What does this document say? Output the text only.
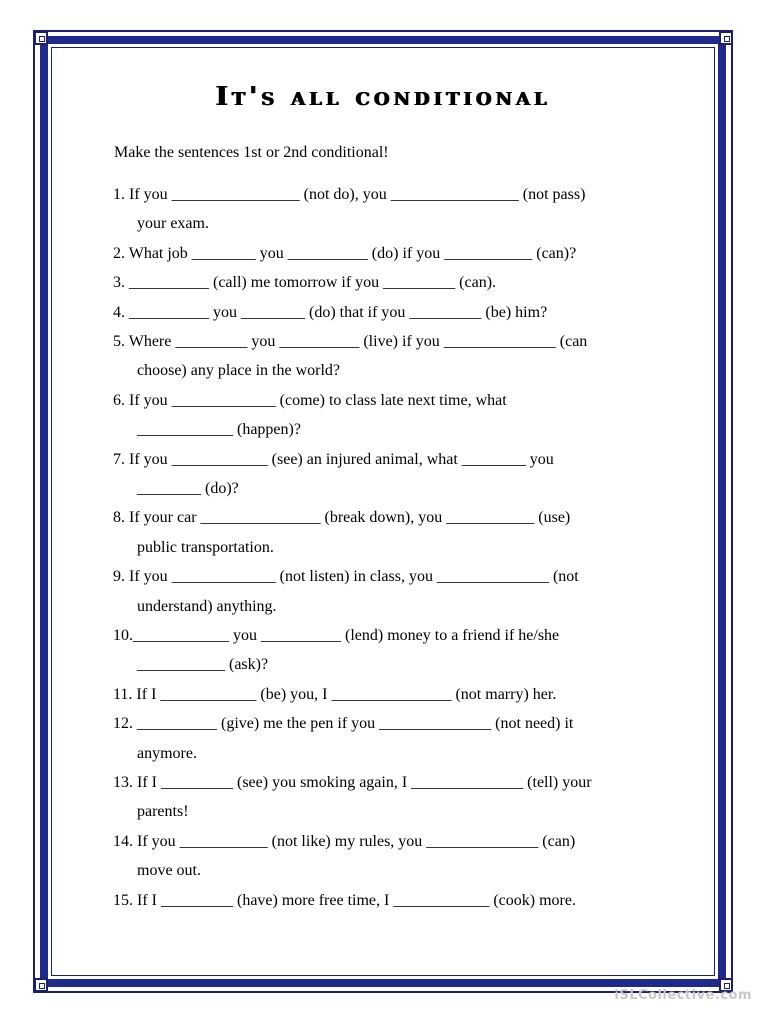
It's all conditional
Make the sentences 1st or 2nd conditional!
1. If you ________________ (not do), you ________________ (not pass)
your exam.
2. What job ________ you __________ (do) if you ___________ (can)?
3. __________ (call) me tomorrow if you _________ (can).
4. __________ you ________ (do) that if you _________ (be) him?
5. Where _________ you __________ (live) if you ______________ (can
choose) any place in the world?
6. If you _____________ (come) to class late next time, what
____________ (happen)?
7. If you ____________ (see) an injured animal, what ________ you
________ (do)?
8. If your car _______________ (break down), you ___________ (use)
public transportation.
9. If you _____________ (not listen) in class, you ______________ (not
understand) anything.
10.____________ you __________ (lend) money to a friend if he/she
___________ (ask)?
11. If I ____________ (be) you, I _______________ (not marry) her.
12. __________ (give) me the pen if you ______________ (not need) it
anymore.
13. If I _________ (see) you smoking again, I ______________ (tell) your
parents!
14. If you ___________ (not like) my rules, you ______________ (can)
move out.
15. If I _________ (have) more free time, I ____________ (cook) more.
iSLCollective.com
